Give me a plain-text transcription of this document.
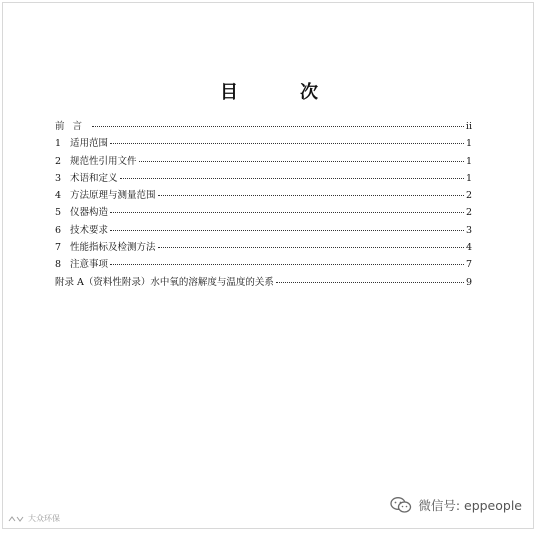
目　次
前言	ii
1 适用范围	1
2 规范性引用文件	1
3 术语和定义	1
4 方法原理与测量范围	2
5 仪器构造	2
6 技术要求	3
7 性能指标及检测方法	4
8 注意事项	7
附录 A（资料性附录）水中氧的溶解度与温度的关系	9
微信号: eppeople
大众环保
